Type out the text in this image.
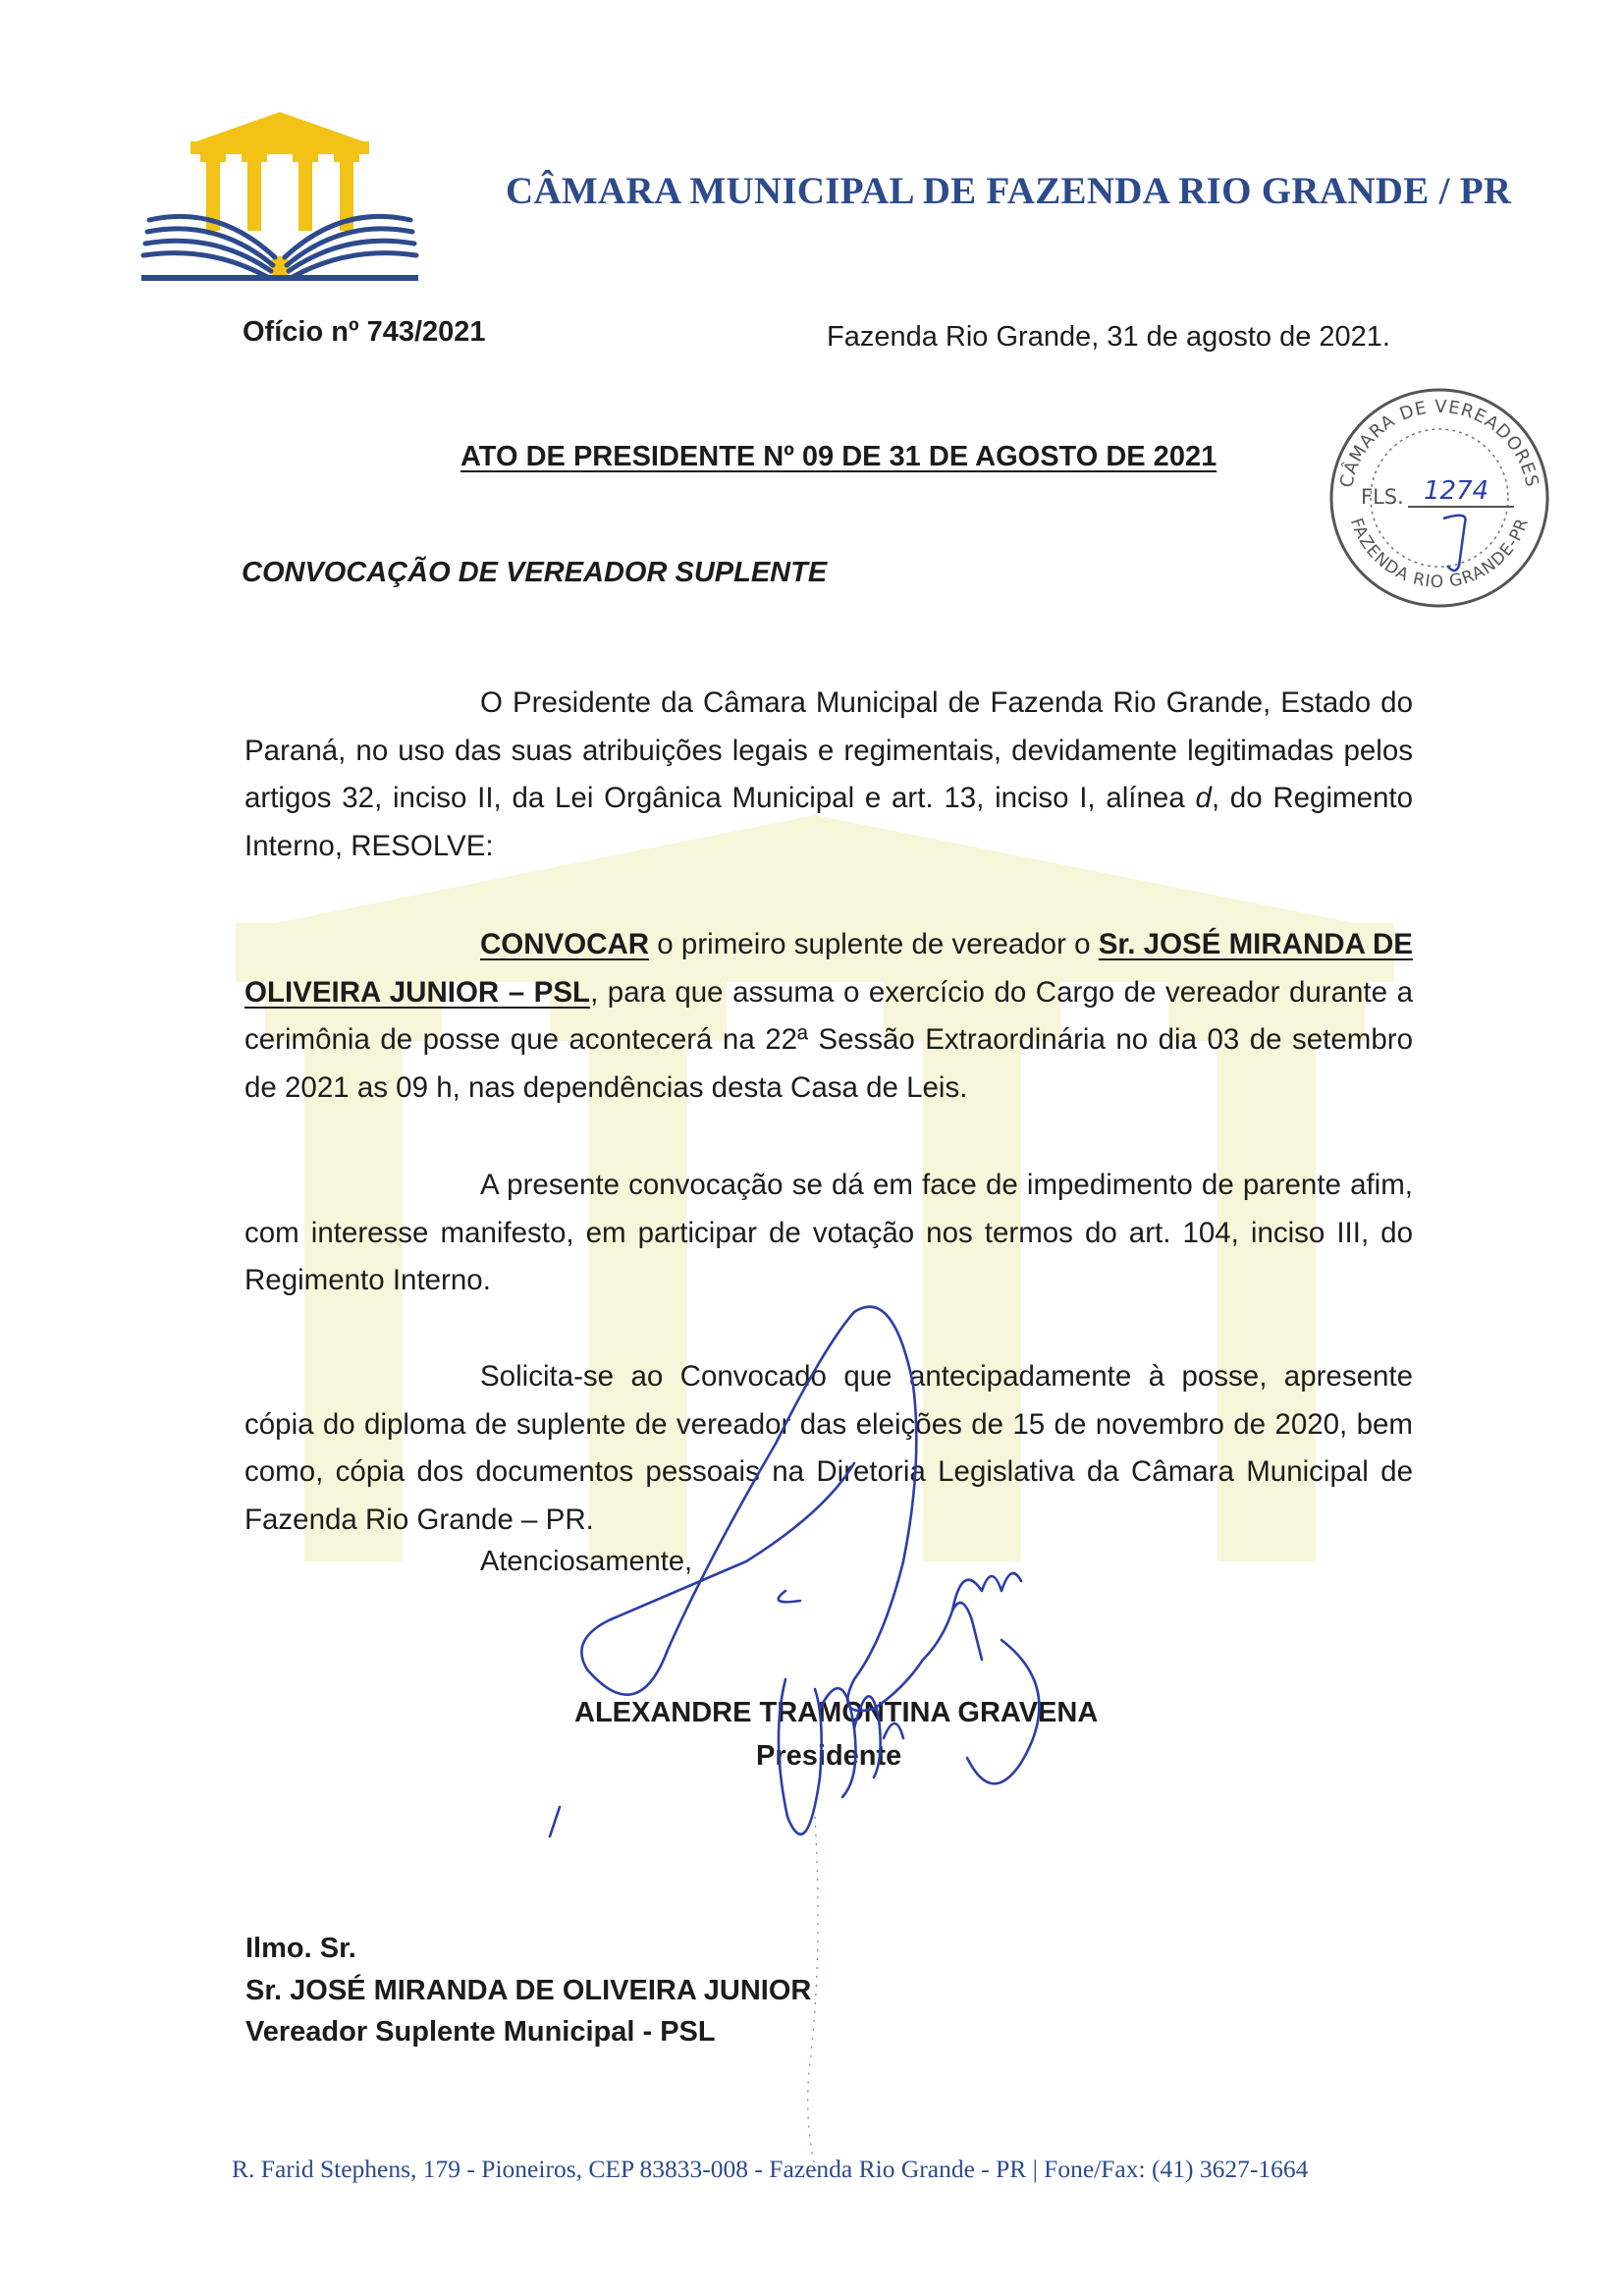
CÂMARA MUNICIPAL DE FAZENDA RIO GRANDE / PR
Ofício nº 743/2021	Fazenda Rio Grande, 31 de agosto de 2021.
CÂMARA DE VEREADORES
FAZENDA RIO GRANDE-PR
FLS. 1274
ATO DE PRESIDENTE Nº 09 DE 31 DE AGOSTO DE 2021
CONVOCAÇÃO DE VEREADOR SUPLENTE

O Presidente da Câmara Municipal de Fazenda Rio Grande, Estado do Paraná, no uso das suas atribuições legais e regimentais, devidamente legitimadas pelos artigos 32, inciso II, da Lei Orgânica Municipal e art. 13, inciso I, alínea d, do Regimento Interno, RESOLVE:

CONVOCAR o primeiro suplente de vereador o Sr. JOSÉ MIRANDA DE OLIVEIRA JUNIOR – PSL, para que assuma o exercício do Cargo de vereador durante a cerimônia de posse que acontecerá na 22ª Sessão Extraordinária no dia 03 de setembro de 2021 as 09 h, nas dependências desta Casa de Leis.

A presente convocação se dá em face de impedimento de parente afim, com interesse manifesto, em participar de votação nos termos do art. 104, inciso III, do Regimento Interno.

Solicita-se ao Convocado que antecipadamente à posse, apresente cópia do diploma de suplente de vereador das eleições de 15 de novembro de 2020, bem como, cópia dos documentos pessoais na Diretoria Legislativa da Câmara Municipal de Fazenda Rio Grande – PR.

Atenciosamente,
ALEXANDRE TRAMONTINA GRAVENA
Presidente
Ilmo. Sr.
Sr. JOSÉ MIRANDA DE OLIVEIRA JUNIOR
Vereador Suplente Municipal - PSL

R. Farid Stephens, 179 - Pioneiros, CEP 83833-008 - Fazenda Rio Grande - PR | Fone/Fax: (41) 3627-1664
